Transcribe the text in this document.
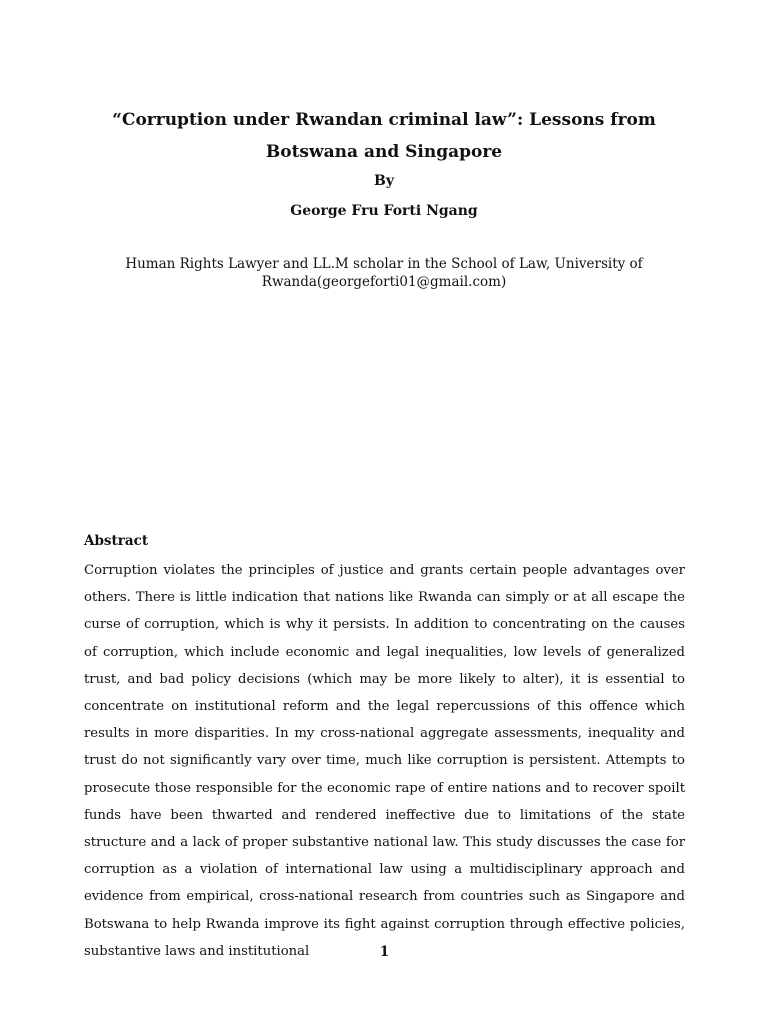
“Corruption under Rwandan criminal law”: Lessons from Botswana and Singapore
By
George Fru Forti Ngang
Human Rights Lawyer and LL.M scholar in the School of Law, University of Rwanda(georgeforti01@gmail.com)
Abstract
Corruption violates the principles of justice and grants certain people advantages over others. There is little indication that nations like Rwanda can simply or at all escape the curse of corruption, which is why it persists. In addition to concentrating on the causes of corruption, which include economic and legal inequalities, low levels of generalized trust, and bad policy decisions (which may be more likely to alter), it is essential to concentrate on institutional reform and the legal repercussions of this offence which results in more disparities. In my cross-national aggregate assessments, inequality and trust do not significantly vary over time, much like corruption is persistent. Attempts to prosecute those responsible for the economic rape of entire nations and to recover spoilt funds have been thwarted and rendered ineffective due to limitations of the state structure and a lack of proper substantive national law. This study discusses the case for corruption as a violation of international law using a multidisciplinary approach and evidence from empirical, cross-national research from countries such as Singapore and Botswana to help Rwanda improve its fight against corruption through effective policies, substantive laws and institutional	1
